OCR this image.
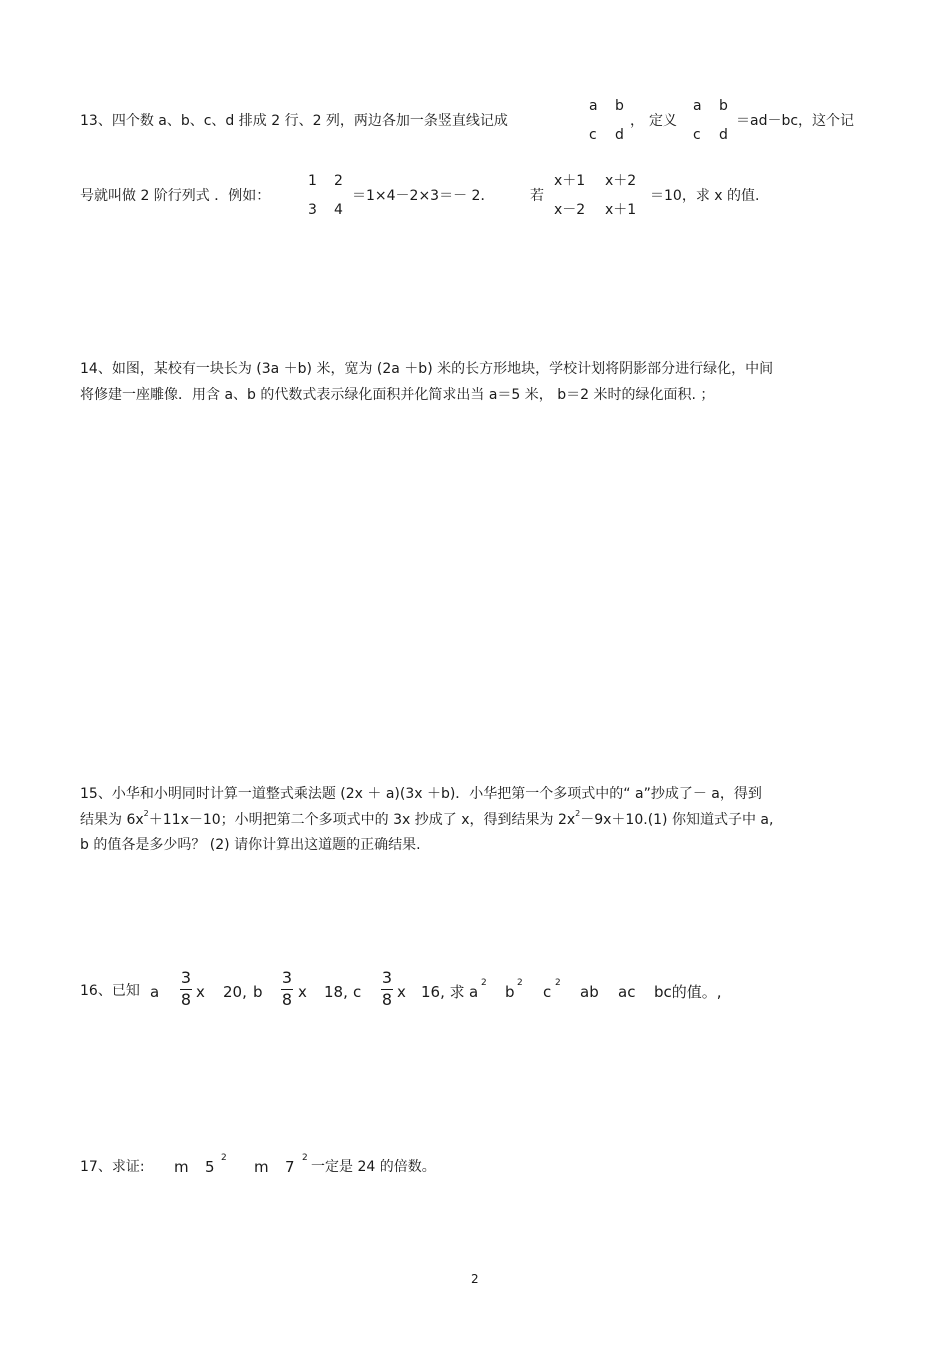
13、四个数 a、b、c、d 排成 2 行、2 列，两边各加一条竖直线记成
a b
c d
， 定义
a b
c d
＝ad－bc，这个记
号就叫做 2 阶行列式 ．例如：
1 2
3 4
＝1×4－2×3＝－ 2．	若
x＋1 x＋2
x－2 x＋1
＝10，求 x 的值.
14、如图，某校有一块长为 (3a ＋b) 米，宽为 (2a ＋b) 米的长方形地块，学校计划将阴影部分进行绿化，中间
将修建一座雕像．用含 a、b 的代数式表示绿化面积并化简求出当 a＝5 米， b＝2 米时的绿化面积. ；
15、小华和小明同时计算一道整式乘法题 (2x ＋ a)(3x ＋b)．小华把第一个多项式中的“ a”抄成了－ a，得到
结果为 $6x^2+11x-10$；小明把第二个多项式中的 3x 抄成了 x，得到结果为 $2x^2-9x+10.(1)$ 你知道式子中 a,
b 的值各是多少吗？ (2) 请你计算出这道题的正确结果.
16、已知 a
3
8 x 20, b
3
8 x 18, c
3
8 x 16, 求 a 2 b 2 c 2 ab ac bc的值。,
17、求证: m 5 2 m 7 2
一定是 24 的倍数。
2
